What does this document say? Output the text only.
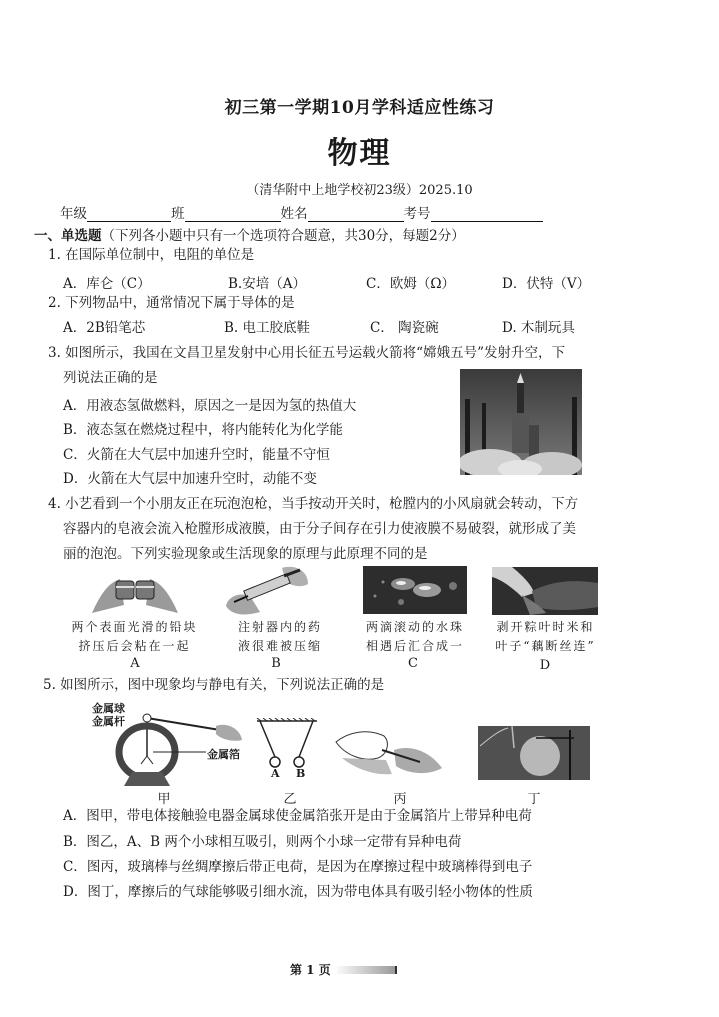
初三第一学期10月学科适应性练习
物理
（清华附中上地学校初23级）2025.10
年级	班	姓名	考号
一、单选题（下列各小题中只有一个选项符合题意，共30分，每题2分）
1. 在国际单位制中，电阻的单位是
A．库仑（C）	B.安培（A）	C．欧姆（Ω）	D．伏特（V）
2. 下列物品中，通常情况下属于导体的是
A．2B铅笔芯	B. 电工胶底鞋	C． 陶瓷碗	D. 木制玩具
3. 如图所示，我国在文昌卫星发射中心用长征五号运载火箭将“嫦娥五号”发射升空，下
列说法正确的是
A．用液态氢做燃料，原因之一是因为氢的热值大
B．液态氢在燃烧过程中，将内能转化为化学能
C．火箭在大气层中加速升空时，能量不守恒
D．火箭在大气层中加速升空时，动能不变
4. 小艺看到一个小朋友正在玩泡泡枪，当手按动开关时，枪膛内的小风扇就会转动，下方
容器内的皂液会流入枪膛形成液膜，由于分子间存在引力使液膜不易破裂，就形成了美
丽的泡泡。下列实验现象或生活现象的原理与此原理不同的是
两个表面光滑的铅块
挤压后会粘在一起
A
注射器内的药
液很难被压缩
B
两滴滚动的水珠
相遇后汇合成一
C
剥开粽叶时米和
叶子“藕断丝连”
D
5. 如图所示，图中现象均与静电有关，下列说法正确的是
金属球
金属杆
金属箔
甲
A B
乙	丙	丁
A．图甲，带电体接触验电器金属球使金属箔张开是由于金属箔片上带异种电荷
B．图乙，A、B 两个小球相互吸引，则两个小球一定带有异种电荷
C．图丙，玻璃棒与丝绸摩擦后带正电荷，是因为在摩擦过程中玻璃棒得到电子
D．图丁，摩擦后的气球能够吸引细水流，因为带电体具有吸引轻小物体的性质
第 1 页
